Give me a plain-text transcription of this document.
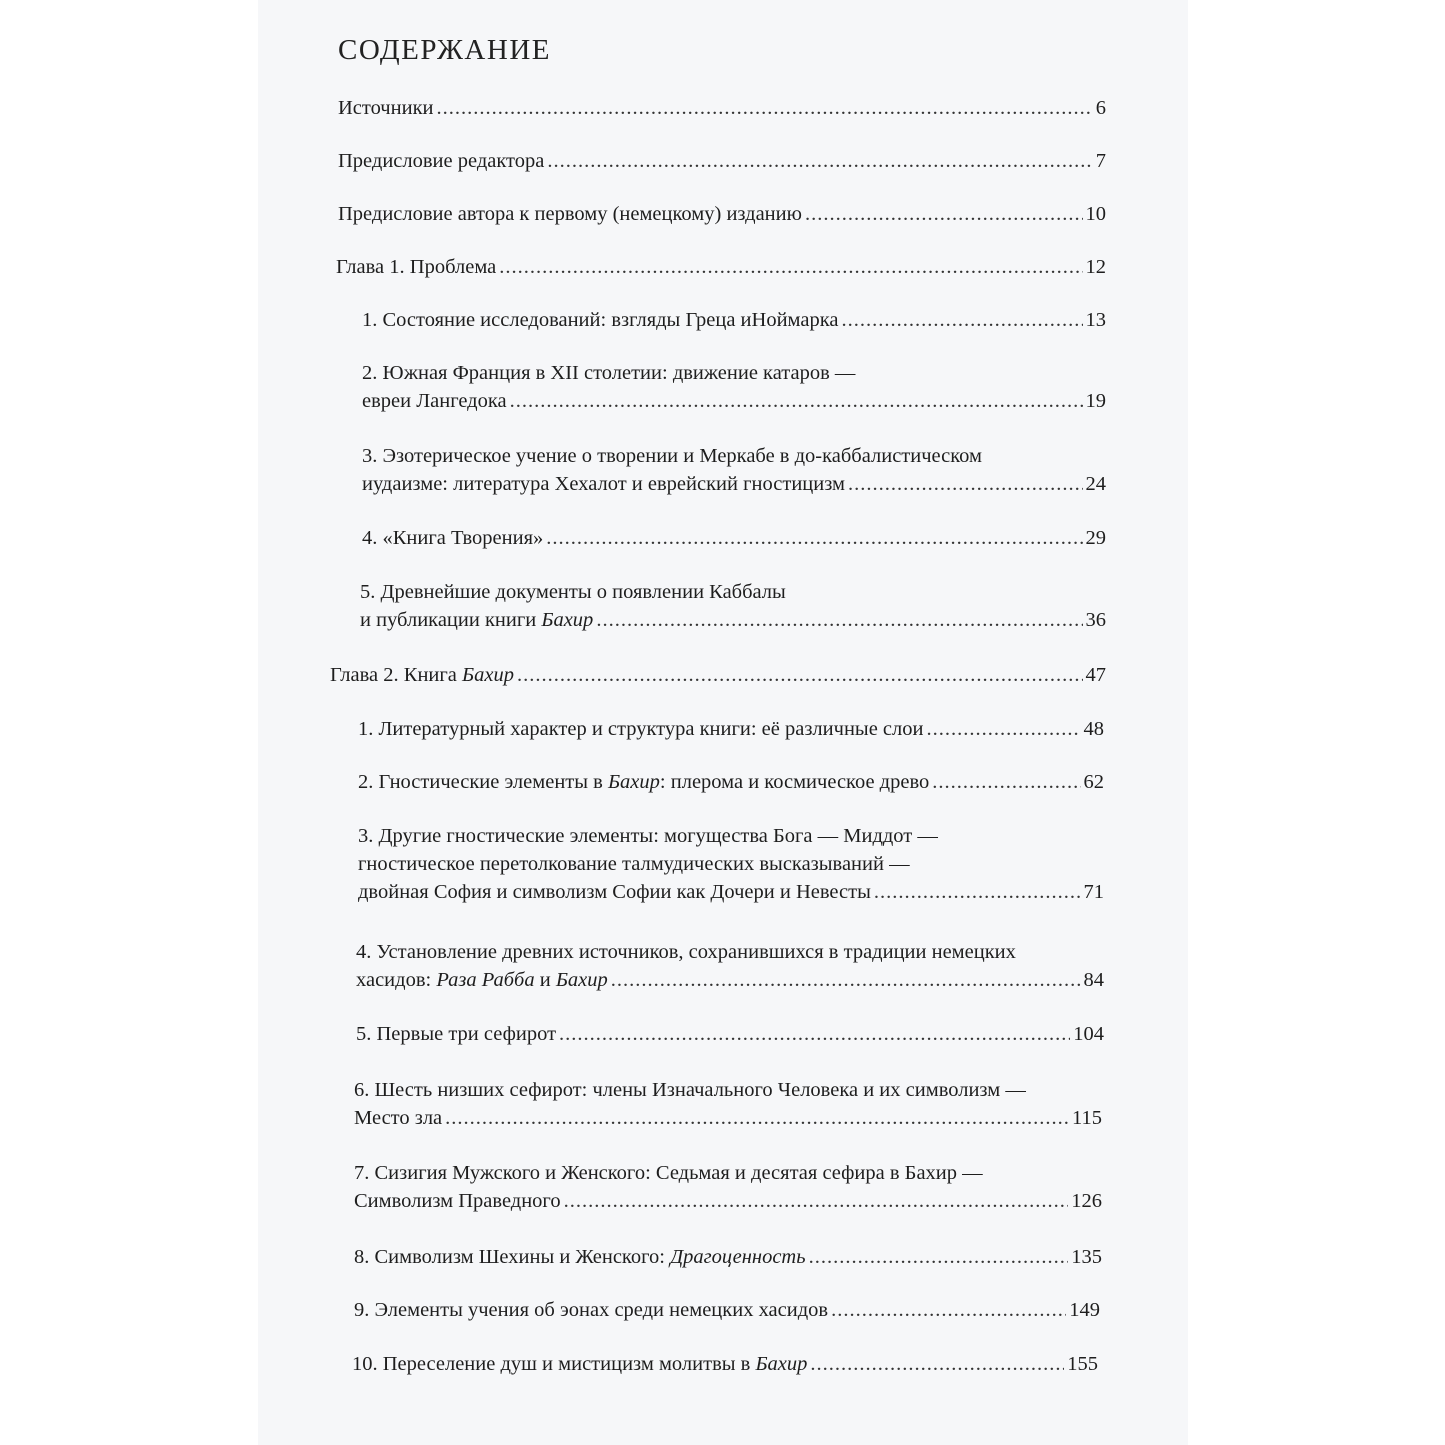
СОДЕРЖАНИЕ
Источники .....	6
Предисловие редактора .....	7
Предисловие автора к первому (немецкому) изданию .....	10
Глава 1. Проблема .....	12
1. Состояние исследований: взгляды Греца иНоймарка .....	13
2. Южная Франция в XII столетии: движение катаров —
евреи Лангедока .....	19
3. Эзотерическое учение о творении и Меркабе в до-каббалистическом
иудаизме: литература Хехалот и еврейский гностицизм .....	24
4. «Книга Творения» .....	29
5. Древнейшие документы о появлении Каббалы
и публикации книги Бахир .....	36
Глава 2. Книга Бахир .....	47
1. Литературный характер и структура книги: её различные слои .....	48
2. Гностические элементы в Бахир: плерома и космическое древо .....	62
3. Другие гностические элементы: могущества Бога — Миддот —
гностическое перетолкование талмудических высказываний —
двойная София и символизм Софии как Дочери и Невесты .....	71
4. Установление древних источников, сохранившихся в традиции немецких
хасидов: Раза Рабба и Бахир .....	84
5. Первые три сефирот .....	104
6. Шесть низших сефирот: члены Изначального Человека и их символизм —
Место зла .....	115
7. Сизигия Мужского и Женского: Седьмая и десятая сефира в Бахир —
Символизм Праведного .....	126
8. Символизм Шехины и Женского: Драгоценность .....	135
9. Элементы учения об эонах среди немецких хасидов .....	149
10. Переселение душ и мистицизм молитвы в Бахир .....	155
